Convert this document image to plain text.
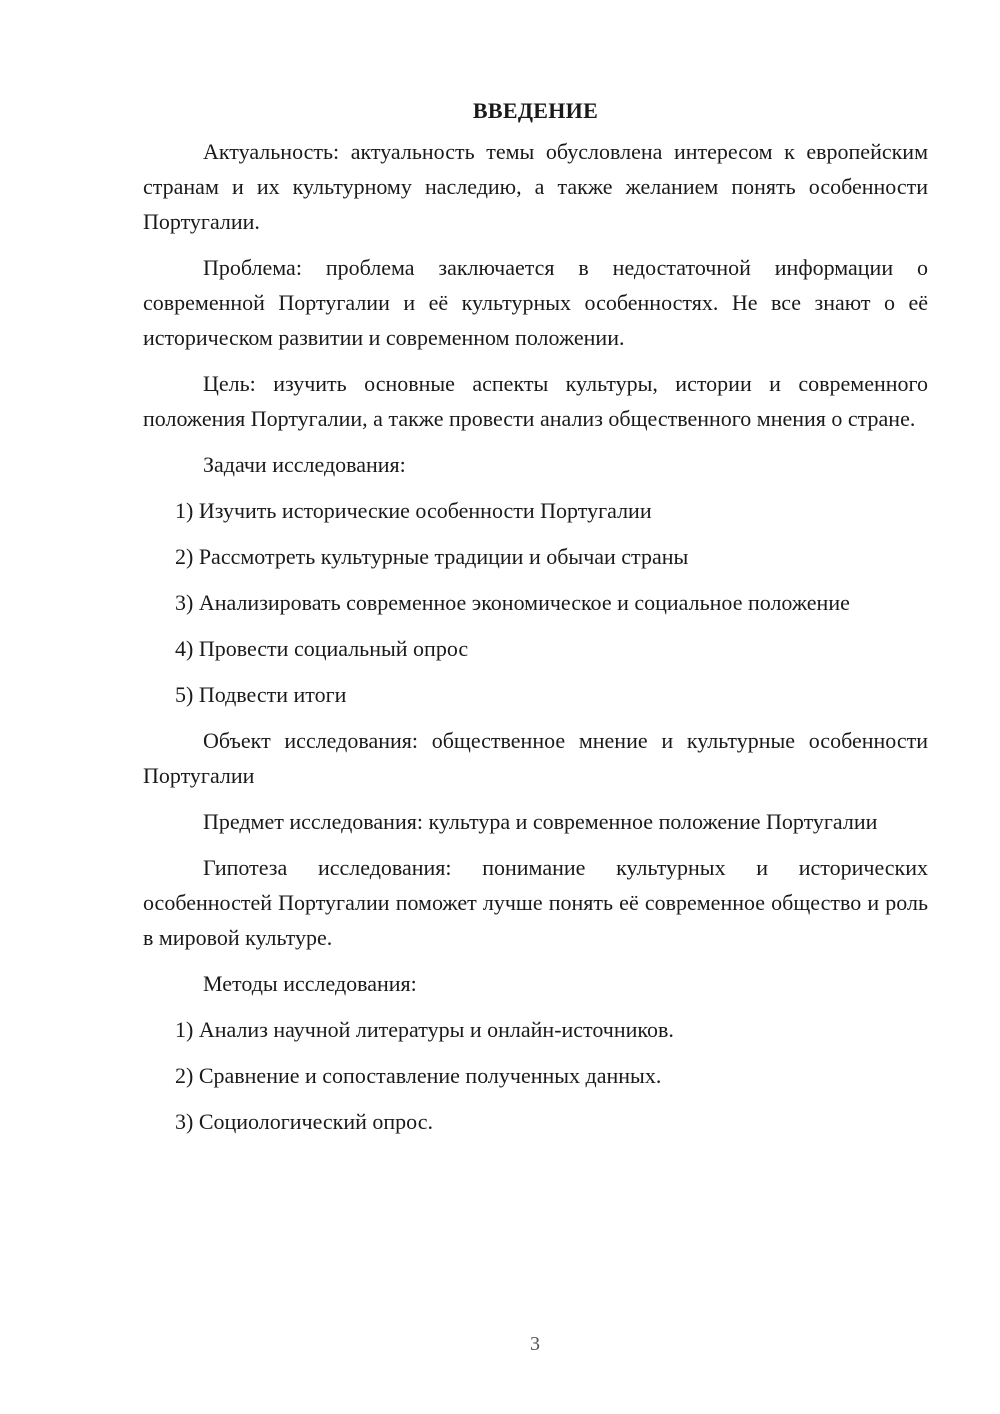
ВВЕДЕНИЕ

Актуальность: актуальность темы обусловлена интересом к европейским странам и их культурному наследию, а также желанием понять особенности Португалии.

Проблема: проблема заключается в недостаточной информации о современной Португалии и её культурных особенностях. Не все знают о её историческом развитии и современном положении.

Цель: изучить основные аспекты культуры, истории и современного положения Португалии, а также провести анализ общественного мнения о стране.

Задачи исследования:

1) Изучить исторические особенности Португалии

2) Рассмотреть культурные традиции и обычаи страны

3) Анализировать современное экономическое и социальное положение

4) Провести социальный опрос

5) Подвести итоги

Объект исследования: общественное мнение и культурные особенности Португалии

Предмет исследования: культура и современное положение Португалии

Гипотеза исследования: понимание культурных и исторических особенностей Португалии поможет лучше понять её современное общество и роль в мировой культуре.

Методы исследования:

1) Анализ научной литературы и онлайн-источников.

2) Сравнение и сопоставление полученных данных.

3) Социологический опрос.

3
